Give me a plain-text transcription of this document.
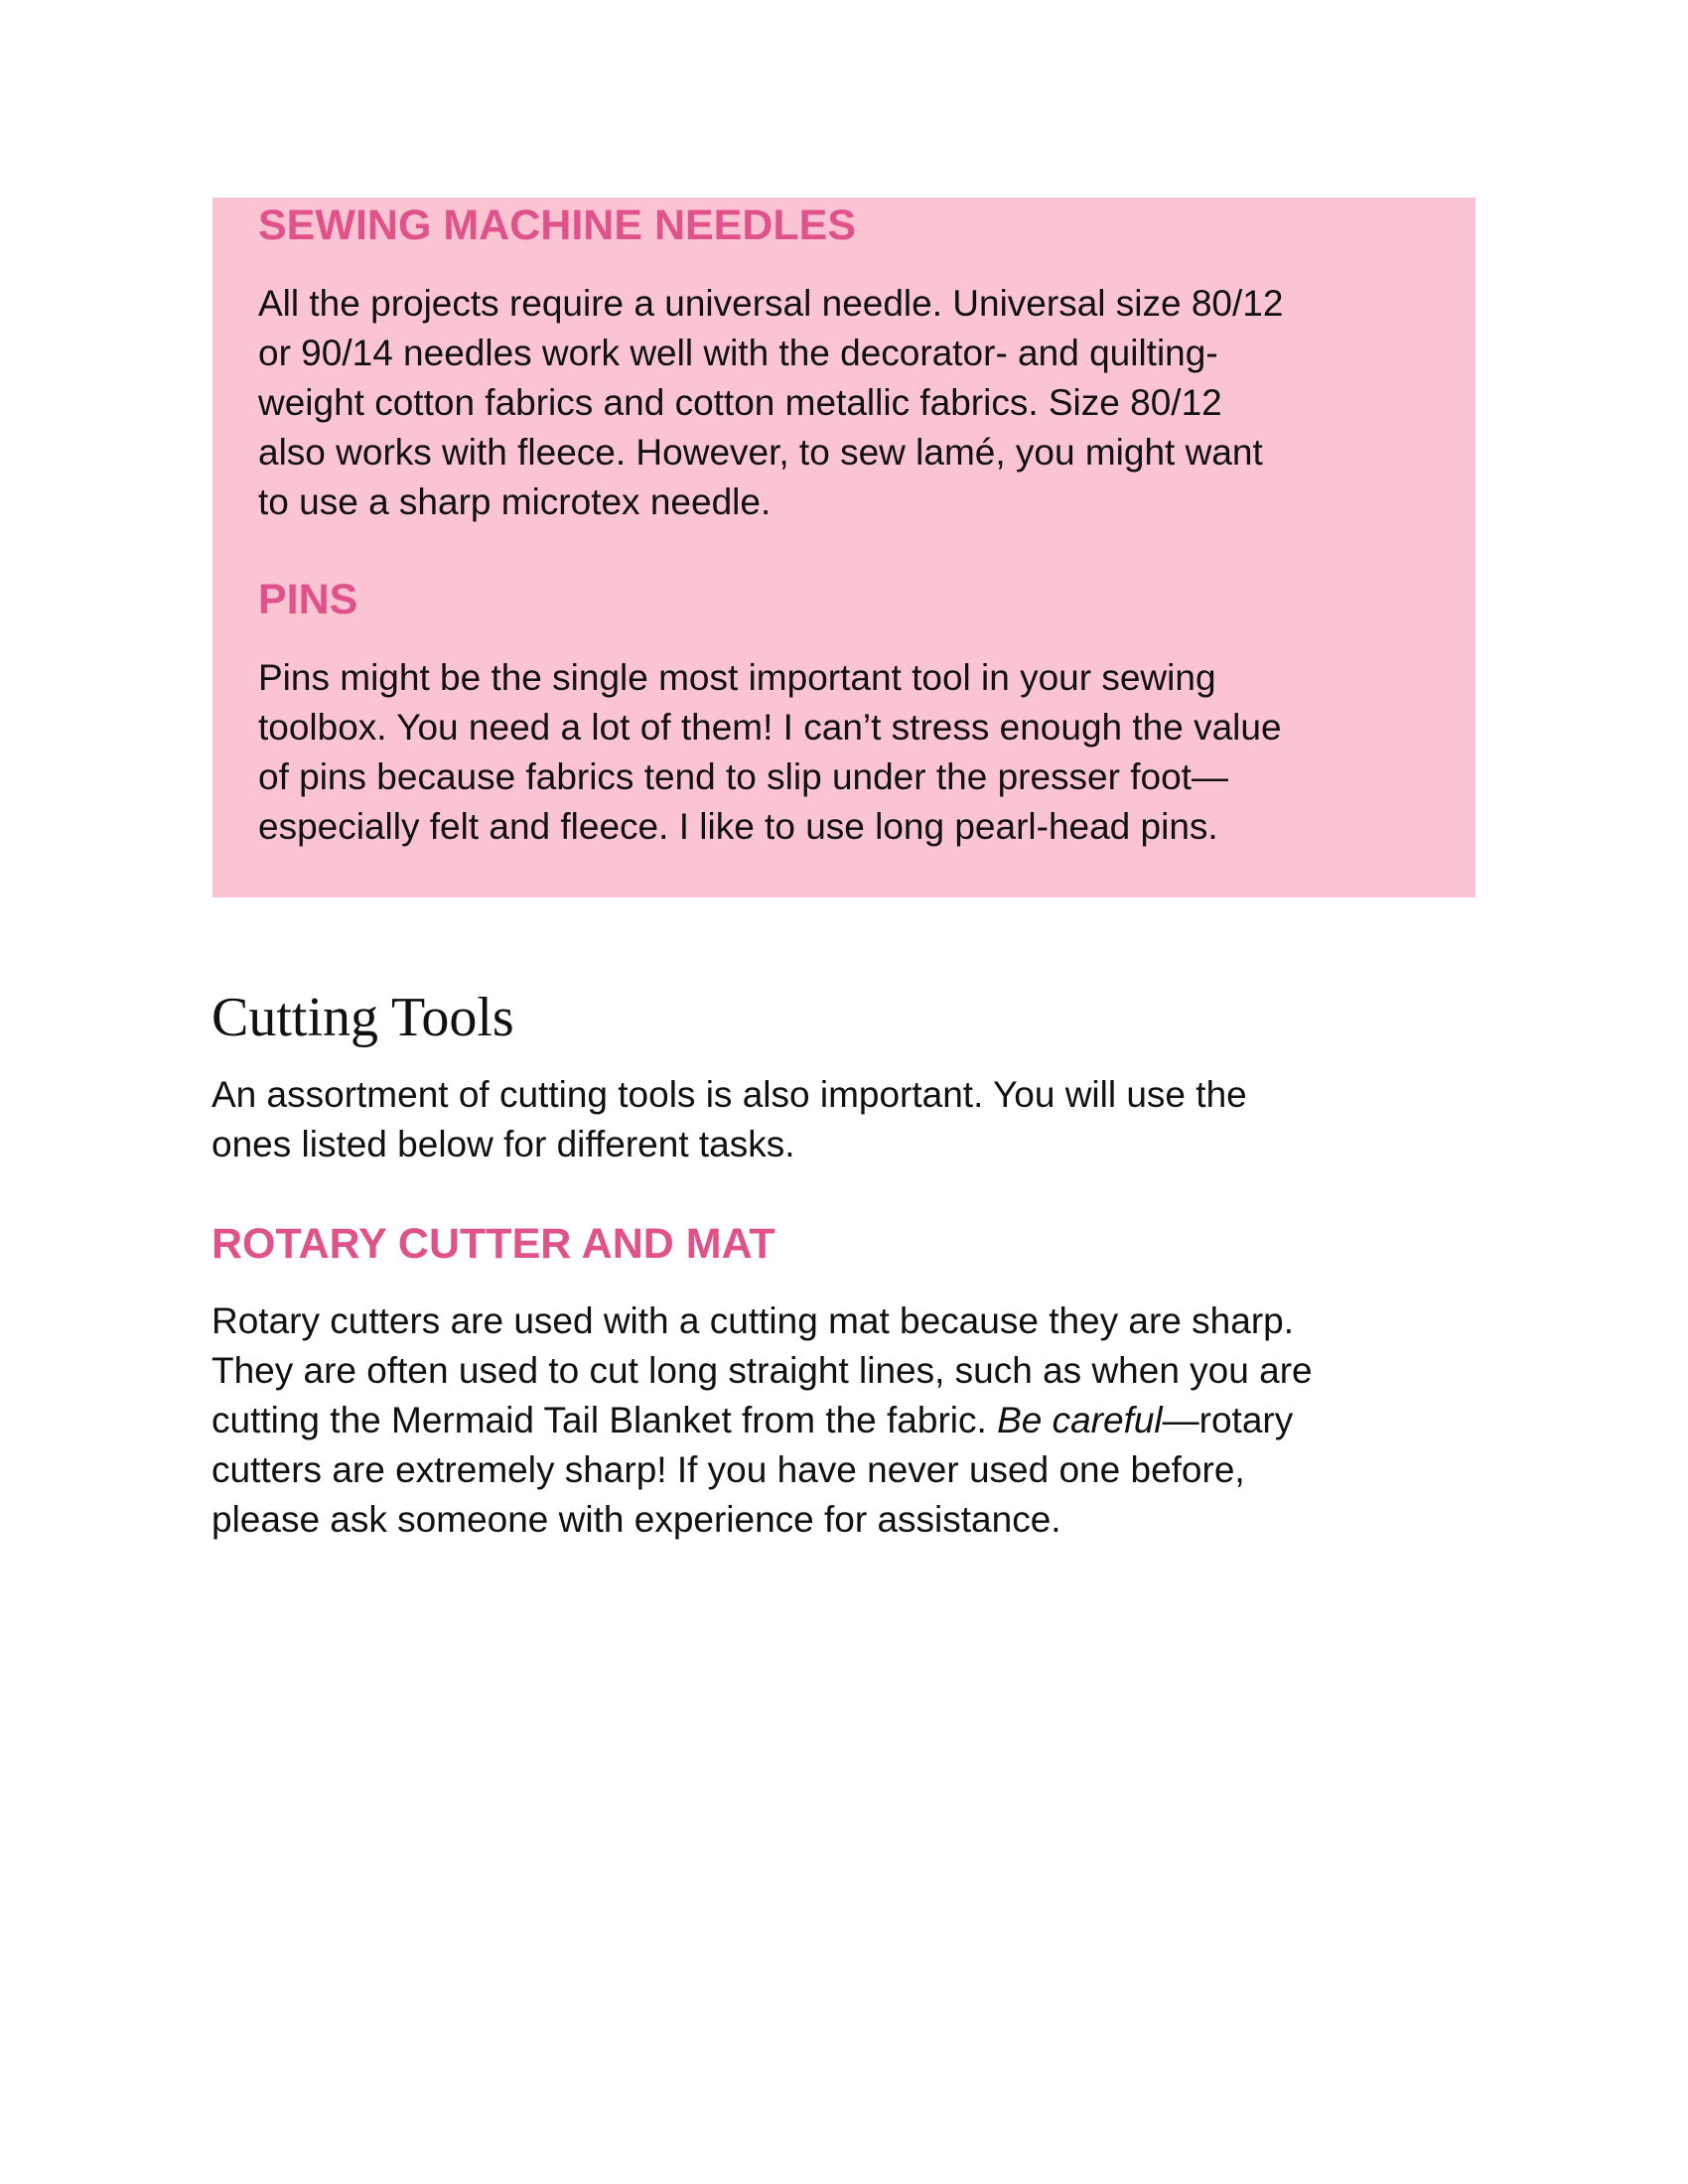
SEWING MACHINE NEEDLES
All the projects require a universal needle. Universal size 80/12
or 90/14 needles work well with the decorator- and quilting-
weight cotton fabrics and cotton metallic fabrics. Size 80/12
also works with fleece. However, to sew lamé, you might want
to use a sharp microtex needle.
PINS
Pins might be the single most important tool in your sewing
toolbox. You need a lot of them! I can’t stress enough the value
of pins because fabrics tend to slip under the presser foot—
especially felt and fleece. I like to use long pearl-head pins.
Cutting Tools
An assortment of cutting tools is also important. You will use the
ones listed below for different tasks.
ROTARY CUTTER AND MAT
Rotary cutters are used with a cutting mat because they are sharp.
They are often used to cut long straight lines, such as when you are
cutting the Mermaid Tail Blanket from the fabric. Be careful—rotary
cutters are extremely sharp! If you have never used one before,
please ask someone with experience for assistance.
